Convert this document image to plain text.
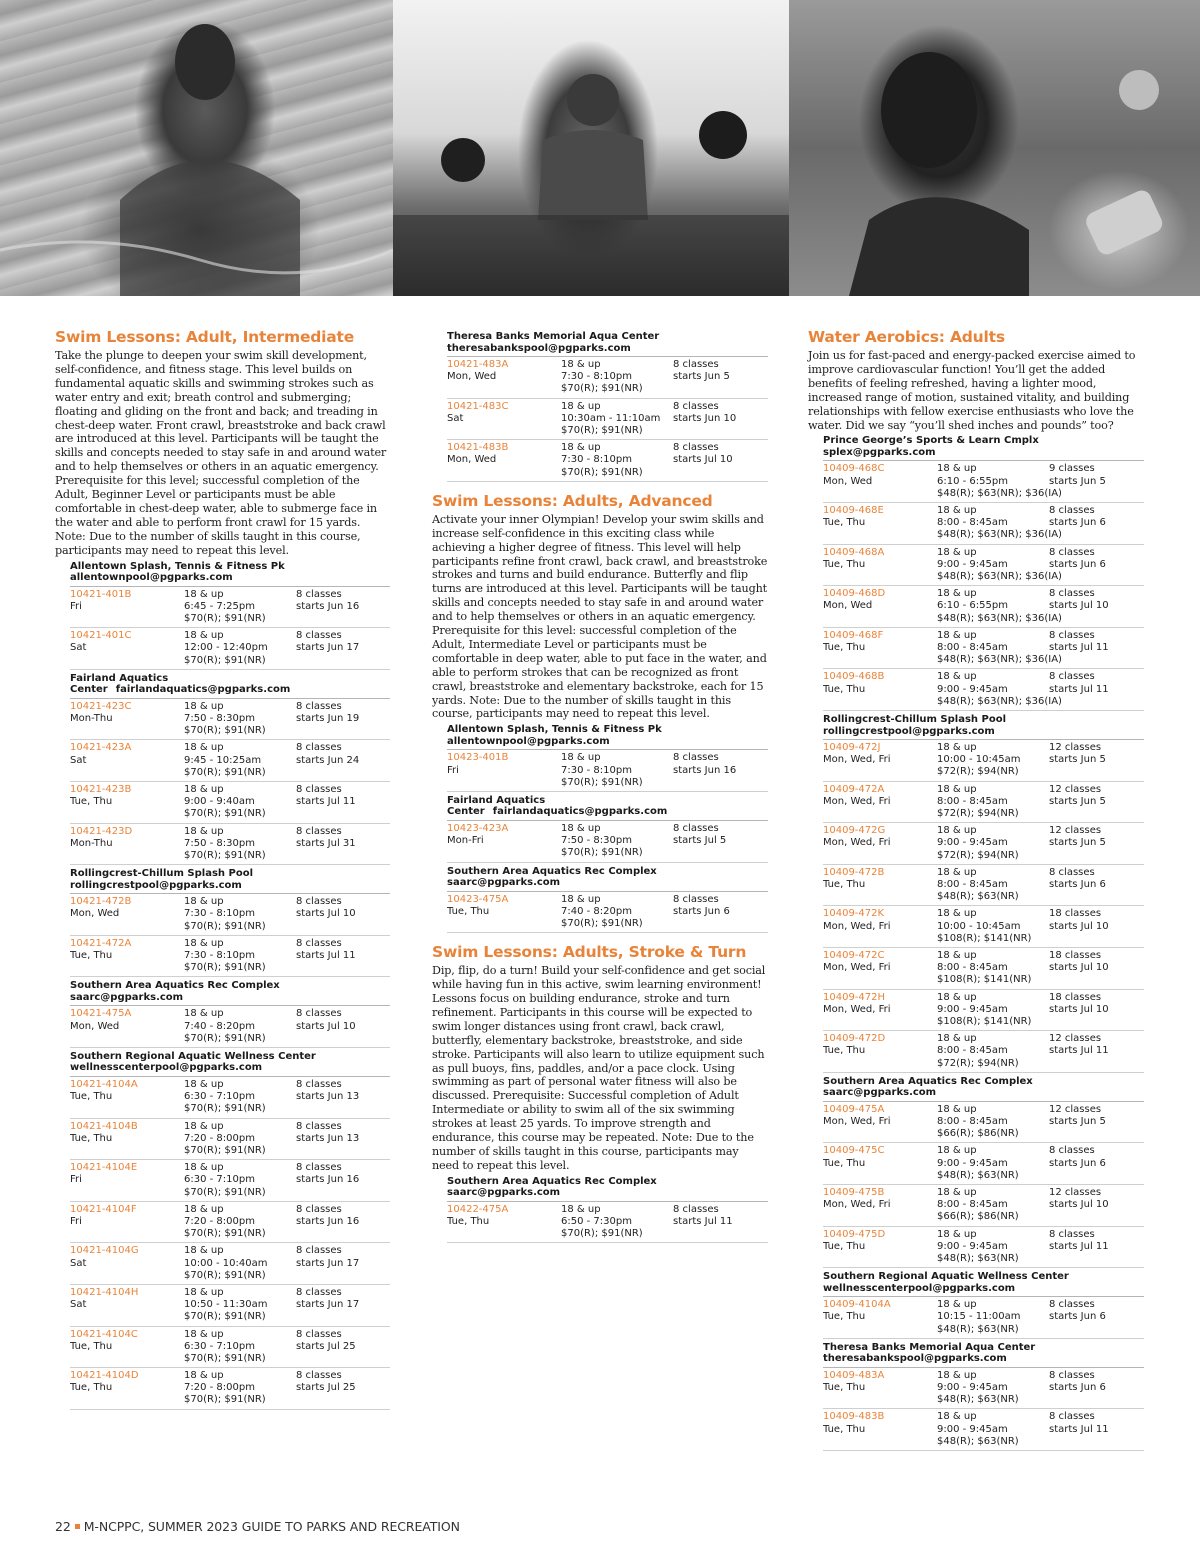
Swim Lessons: Adult, Intermediate
Take the plunge to deepen your swim skill development, self-confidence, and fitness stage. This level builds on fundamental aquatic skills and swimming strokes such as water entry and exit; breath control and submerging; floating and gliding on the front and back; and treading in chest-deep water. Front crawl, breaststroke and back crawl are introduced at this level. Participants will be taught the skills and concepts needed to stay safe in and around water and to help themselves or others in an aquatic emergency. Prerequisite for this level; successful completion of the Adult, Beginner Level or participants must be able comfortable in chest-deep water, able to submerge face in the water and able to perform front crawl for 15 yards. Note: Due to the number of skills taught in this course, participants may need to repeat this level.
Allentown Splash, Tennis & Fitness Pk
allentownpool@pgparks.com
10421-401B
Fri
18 & up
6:45 - 7:25pm
$70(R); $91(NR)
8 classes
starts Jun 16
10421-401C
Sat
18 & up
12:00 - 12:40pm
$70(R); $91(NR)
8 classes
starts Jun 17
Fairland Aquatics Center fairlandaquatics@pgparks.com
10421-423C
Mon-Thu
18 & up
7:50 - 8:30pm
$70(R); $91(NR)
8 classes
starts Jun 19
10421-423A
Sat
18 & up
9:45 - 10:25am
$70(R); $91(NR)
8 classes
starts Jun 24
10421-423B
Tue, Thu
18 & up
9:00 - 9:40am
$70(R); $91(NR)
8 classes
starts Jul 11
10421-423D
Mon-Thu
18 & up
7:50 - 8:30pm
$70(R); $91(NR)
8 classes
starts Jul 31
Rollingcrest-Chillum Splash Pool
rollingcrestpool@pgparks.com
10421-472B
Mon, Wed
18 & up
7:30 - 8:10pm
$70(R); $91(NR)
8 classes
starts Jul 10
10421-472A
Tue, Thu
18 & up
7:30 - 8:10pm
$70(R); $91(NR)
8 classes
starts Jul 11
Southern Area Aquatics Rec Complex
saarc@pgparks.com
10421-475A
Mon, Wed
18 & up
7:40 - 8:20pm
$70(R); $91(NR)
8 classes
starts Jul 10
Southern Regional Aquatic Wellness Center
wellnesscenterpool@pgparks.com
10421-4104A
Tue, Thu
18 & up
6:30 - 7:10pm
$70(R); $91(NR)
8 classes
starts Jun 13
10421-4104B
Tue, Thu
18 & up
7:20 - 8:00pm
$70(R); $91(NR)
8 classes
starts Jun 13
10421-4104E
Fri
18 & up
6:30 - 7:10pm
$70(R); $91(NR)
8 classes
starts Jun 16
10421-4104F
Fri
18 & up
7:20 - 8:00pm
$70(R); $91(NR)
8 classes
starts Jun 16
10421-4104G
Sat
18 & up
10:00 - 10:40am
$70(R); $91(NR)
8 classes
starts Jun 17
10421-4104H
Sat
18 & up
10:50 - 11:30am
$70(R); $91(NR)
8 classes
starts Jun 17
10421-4104C
Tue, Thu
18 & up
6:30 - 7:10pm
$70(R); $91(NR)
8 classes
starts Jul 25
10421-4104D
Tue, Thu
18 & up
7:20 - 8:00pm
$70(R); $91(NR)
8 classes
starts Jul 25
Theresa Banks Memorial Aqua Center
theresabankspool@pgparks.com
10421-483A
Mon, Wed
18 & up
7:30 - 8:10pm
$70(R); $91(NR)
8 classes
starts Jun 5
10421-483C
Sat
18 & up
10:30am - 11:10am
$70(R); $91(NR)
8 classes
starts Jun 10
10421-483B
Mon, Wed
18 & up
7:30 - 8:10pm
$70(R); $91(NR)
8 classes
starts Jul 10
Swim Lessons: Adults, Advanced
Activate your inner Olympian! Develop your swim skills and increase self-confidence in this exciting class while achieving a higher degree of fitness. This level will help participants refine front crawl, back crawl, and breaststroke strokes and turns and build endurance. Butterfly and flip turns are introduced at this level. Participants will be taught skills and concepts needed to stay safe in and around water and to help themselves or others in an aquatic emergency. Prerequisite for this level: successful completion of the Adult, Intermediate Level or participants must be comfortable in deep water, able to put face in the water, and able to perform strokes that can be recognized as front crawl, breaststroke and elementary backstroke, each for 15 yards. Note: Due to the number of skills taught in this course, participants may need to repeat this level.
Allentown Splash, Tennis & Fitness Pk
allentownpool@pgparks.com
10423-401B
Fri
18 & up
7:30 - 8:10pm
$70(R); $91(NR)
8 classes
starts Jun 16
Fairland Aquatics Center fairlandaquatics@pgparks.com
10423-423A
Mon-Fri
18 & up
7:50 - 8:30pm
$70(R); $91(NR)
8 classes
starts Jul 5
Southern Area Aquatics Rec Complex
saarc@pgparks.com
10423-475A
Tue, Thu
18 & up
7:40 - 8:20pm
$70(R); $91(NR)
8 classes
starts Jun 6
Swim Lessons: Adults, Stroke & Turn
Dip, flip, do a turn! Build your self-confidence and get social while having fun in this active, swim learning environment! Lessons focus on building endurance, stroke and turn refinement. Participants in this course will be expected to swim longer distances using front crawl, back crawl, butterfly, elementary backstroke, breaststroke, and side stroke. Participants will also learn to utilize equipment such as pull buoys, fins, paddles, and/or a pace clock. Using swimming as part of personal water fitness will also be discussed. Prerequisite: Successful completion of Adult Intermediate or ability to swim all of the six swimming strokes at least 25 yards. To improve strength and endurance, this course may be repeated. Note: Due to the number of skills taught in this course, participants may need to repeat this level.
Southern Area Aquatics Rec Complex
saarc@pgparks.com
10422-475A
Tue, Thu
18 & up
6:50 - 7:30pm
$70(R); $91(NR)
8 classes
starts Jul 11
Water Aerobics: Adults
Join us for fast-paced and energy-packed exercise aimed to improve cardiovascular function! You’ll get the added benefits of feeling refreshed, having a lighter mood, increased range of motion, sustained vitality, and building relationships with fellow exercise enthusiasts who love the water. Did we say “you’ll shed inches and pounds” too?
Prince George’s Sports & Learn Cmplx
splex@pgparks.com
10409-468C
Mon, Wed
18 & up
6:10 - 6:55pm
$48(R); $63(NR); $36(IA)
9 classes
starts Jun 5
10409-468E
Tue, Thu
18 & up
8:00 - 8:45am
$48(R); $63(NR); $36(IA)
8 classes
starts Jun 6
10409-468A
Tue, Thu
18 & up
9:00 - 9:45am
$48(R); $63(NR); $36(IA)
8 classes
starts Jun 6
10409-468D
Mon, Wed
18 & up
6:10 - 6:55pm
$48(R); $63(NR); $36(IA)
8 classes
starts Jul 10
10409-468F
Tue, Thu
18 & up
8:00 - 8:45am
$48(R); $63(NR); $36(IA)
8 classes
starts Jul 11
10409-468B
Tue, Thu
18 & up
9:00 - 9:45am
$48(R); $63(NR); $36(IA)
8 classes
starts Jul 11
Rollingcrest-Chillum Splash Pool
rollingcrestpool@pgparks.com
10409-472J
Mon, Wed, Fri
18 & up
10:00 - 10:45am
$72(R); $94(NR)
12 classes
starts Jun 5
10409-472A
Mon, Wed, Fri
18 & up
8:00 - 8:45am
$72(R); $94(NR)
12 classes
starts Jun 5
10409-472G
Mon, Wed, Fri
18 & up
9:00 - 9:45am
$72(R); $94(NR)
12 classes
starts Jun 5
10409-472B
Tue, Thu
18 & up
8:00 - 8:45am
$48(R); $63(NR)
8 classes
starts Jun 6
10409-472K
Mon, Wed, Fri
18 & up
10:00 - 10:45am
$108(R); $141(NR)
18 classes
starts Jul 10
10409-472C
Mon, Wed, Fri
18 & up
8:00 - 8:45am
$108(R); $141(NR)
18 classes
starts Jul 10
10409-472H
Mon, Wed, Fri
18 & up
9:00 - 9:45am
$108(R); $141(NR)
18 classes
starts Jul 10
10409-472D
Tue, Thu
18 & up
8:00 - 8:45am
$72(R); $94(NR)
12 classes
starts Jul 11
Southern Area Aquatics Rec Complex
saarc@pgparks.com
10409-475A
Mon, Wed, Fri
18 & up
8:00 - 8:45am
$66(R); $86(NR)
12 classes
starts Jun 5
10409-475C
Tue, Thu
18 & up
9:00 - 9:45am
$48(R); $63(NR)
8 classes
starts Jun 6
10409-475B
Mon, Wed, Fri
18 & up
8:00 - 8:45am
$66(R); $86(NR)
12 classes
starts Jul 10
10409-475D
Tue, Thu
18 & up
9:00 - 9:45am
$48(R); $63(NR)
8 classes
starts Jul 11
Southern Regional Aquatic Wellness Center
wellnesscenterpool@pgparks.com
10409-4104A
Tue, Thu
18 & up
10:15 - 11:00am
$48(R); $63(NR)
8 classes
starts Jun 6
Theresa Banks Memorial Aqua Center
theresabankspool@pgparks.com
10409-483A
Tue, Thu
18 & up
9:00 - 9:45am
$48(R); $63(NR)
8 classes
starts Jun 6
10409-483B
Tue, Thu
18 & up
9:00 - 9:45am
$48(R); $63(NR)
8 classes
starts Jul 11
22 M-NCPPC, SUMMER 2023 GUIDE TO PARKS AND RECREATION
